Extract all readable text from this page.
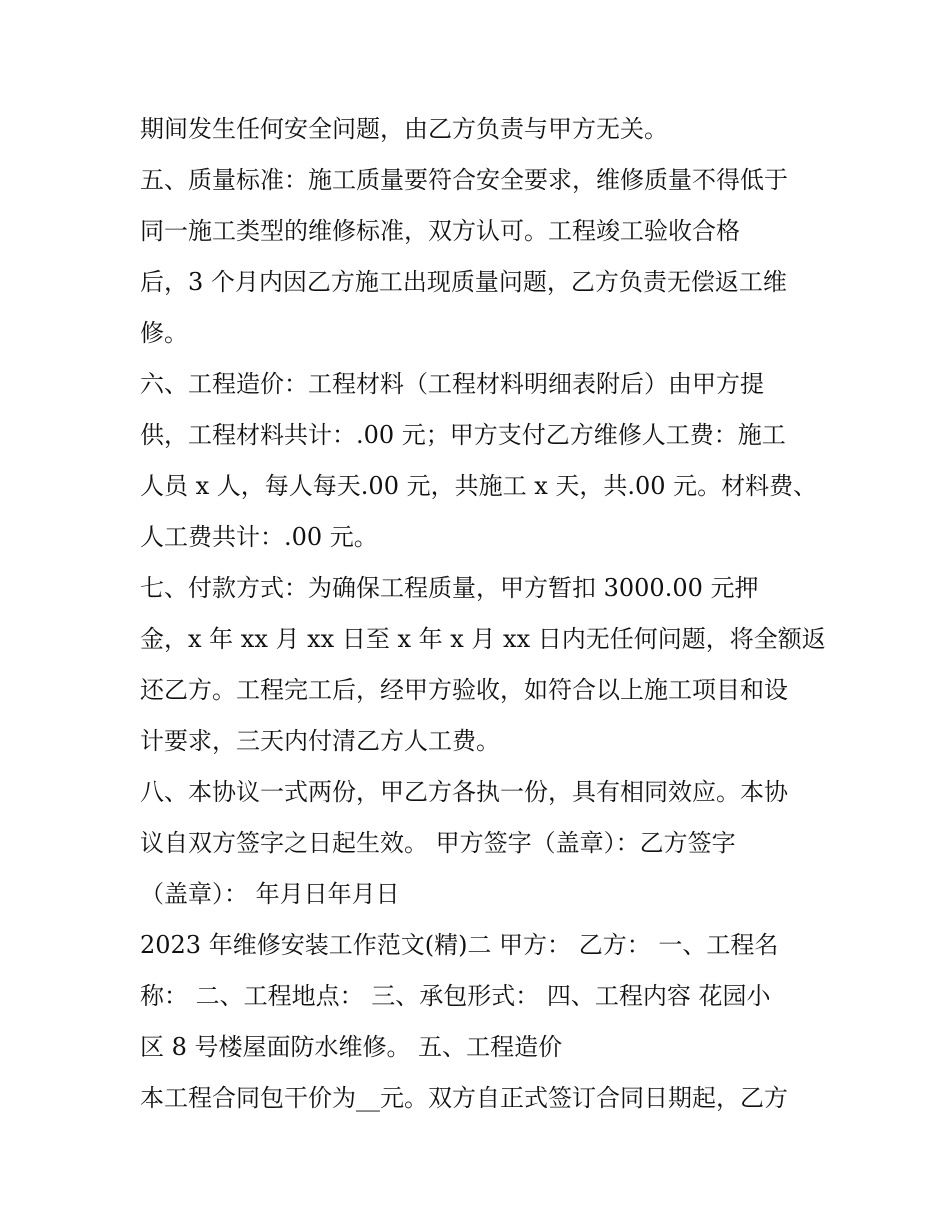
期间发生任何安全问题，由乙方负责与甲方无关。
五、质量标准：施工质量要符合安全要求，维修质量不得低于
同一施工类型的维修标准，双方认可。工程竣工验收合格
后，3 个月内因乙方施工出现质量问题，乙方负责无偿返工维
修。
六、工程造价：工程材料（工程材料明细表附后）由甲方提
供，工程材料共计：.00 元；甲方支付乙方维修人工费：施工
人员 x 人，每人每天.00 元，共施工 x 天，共.00 元。材料费、
人工费共计：.00 元。
七、付款方式：为确保工程质量，甲方暂扣 3000.00 元押
金，x 年 xx 月 xx 日至 x 年 x 月 xx 日内无任何问题，将全额返
还乙方。工程完工后，经甲方验收，如符合以上施工项目和设
计要求，三天内付清乙方人工费。
八、本协议一式两份，甲乙方各执一份，具有相同效应。本协
议自双方签字之日起生效。 甲方签字（盖章）：乙方签字
（盖章）： 年月日年月日
2023 年维修安装工作范文(精)二 甲方： 乙方： 一、工程名
称： 二、工程地点： 三、承包形式： 四、工程内容 花园小
区 8 号楼屋面防水维修。 五、工程造价
本工程合同包干价为__元。双方自正式签订合同日期起，乙方
